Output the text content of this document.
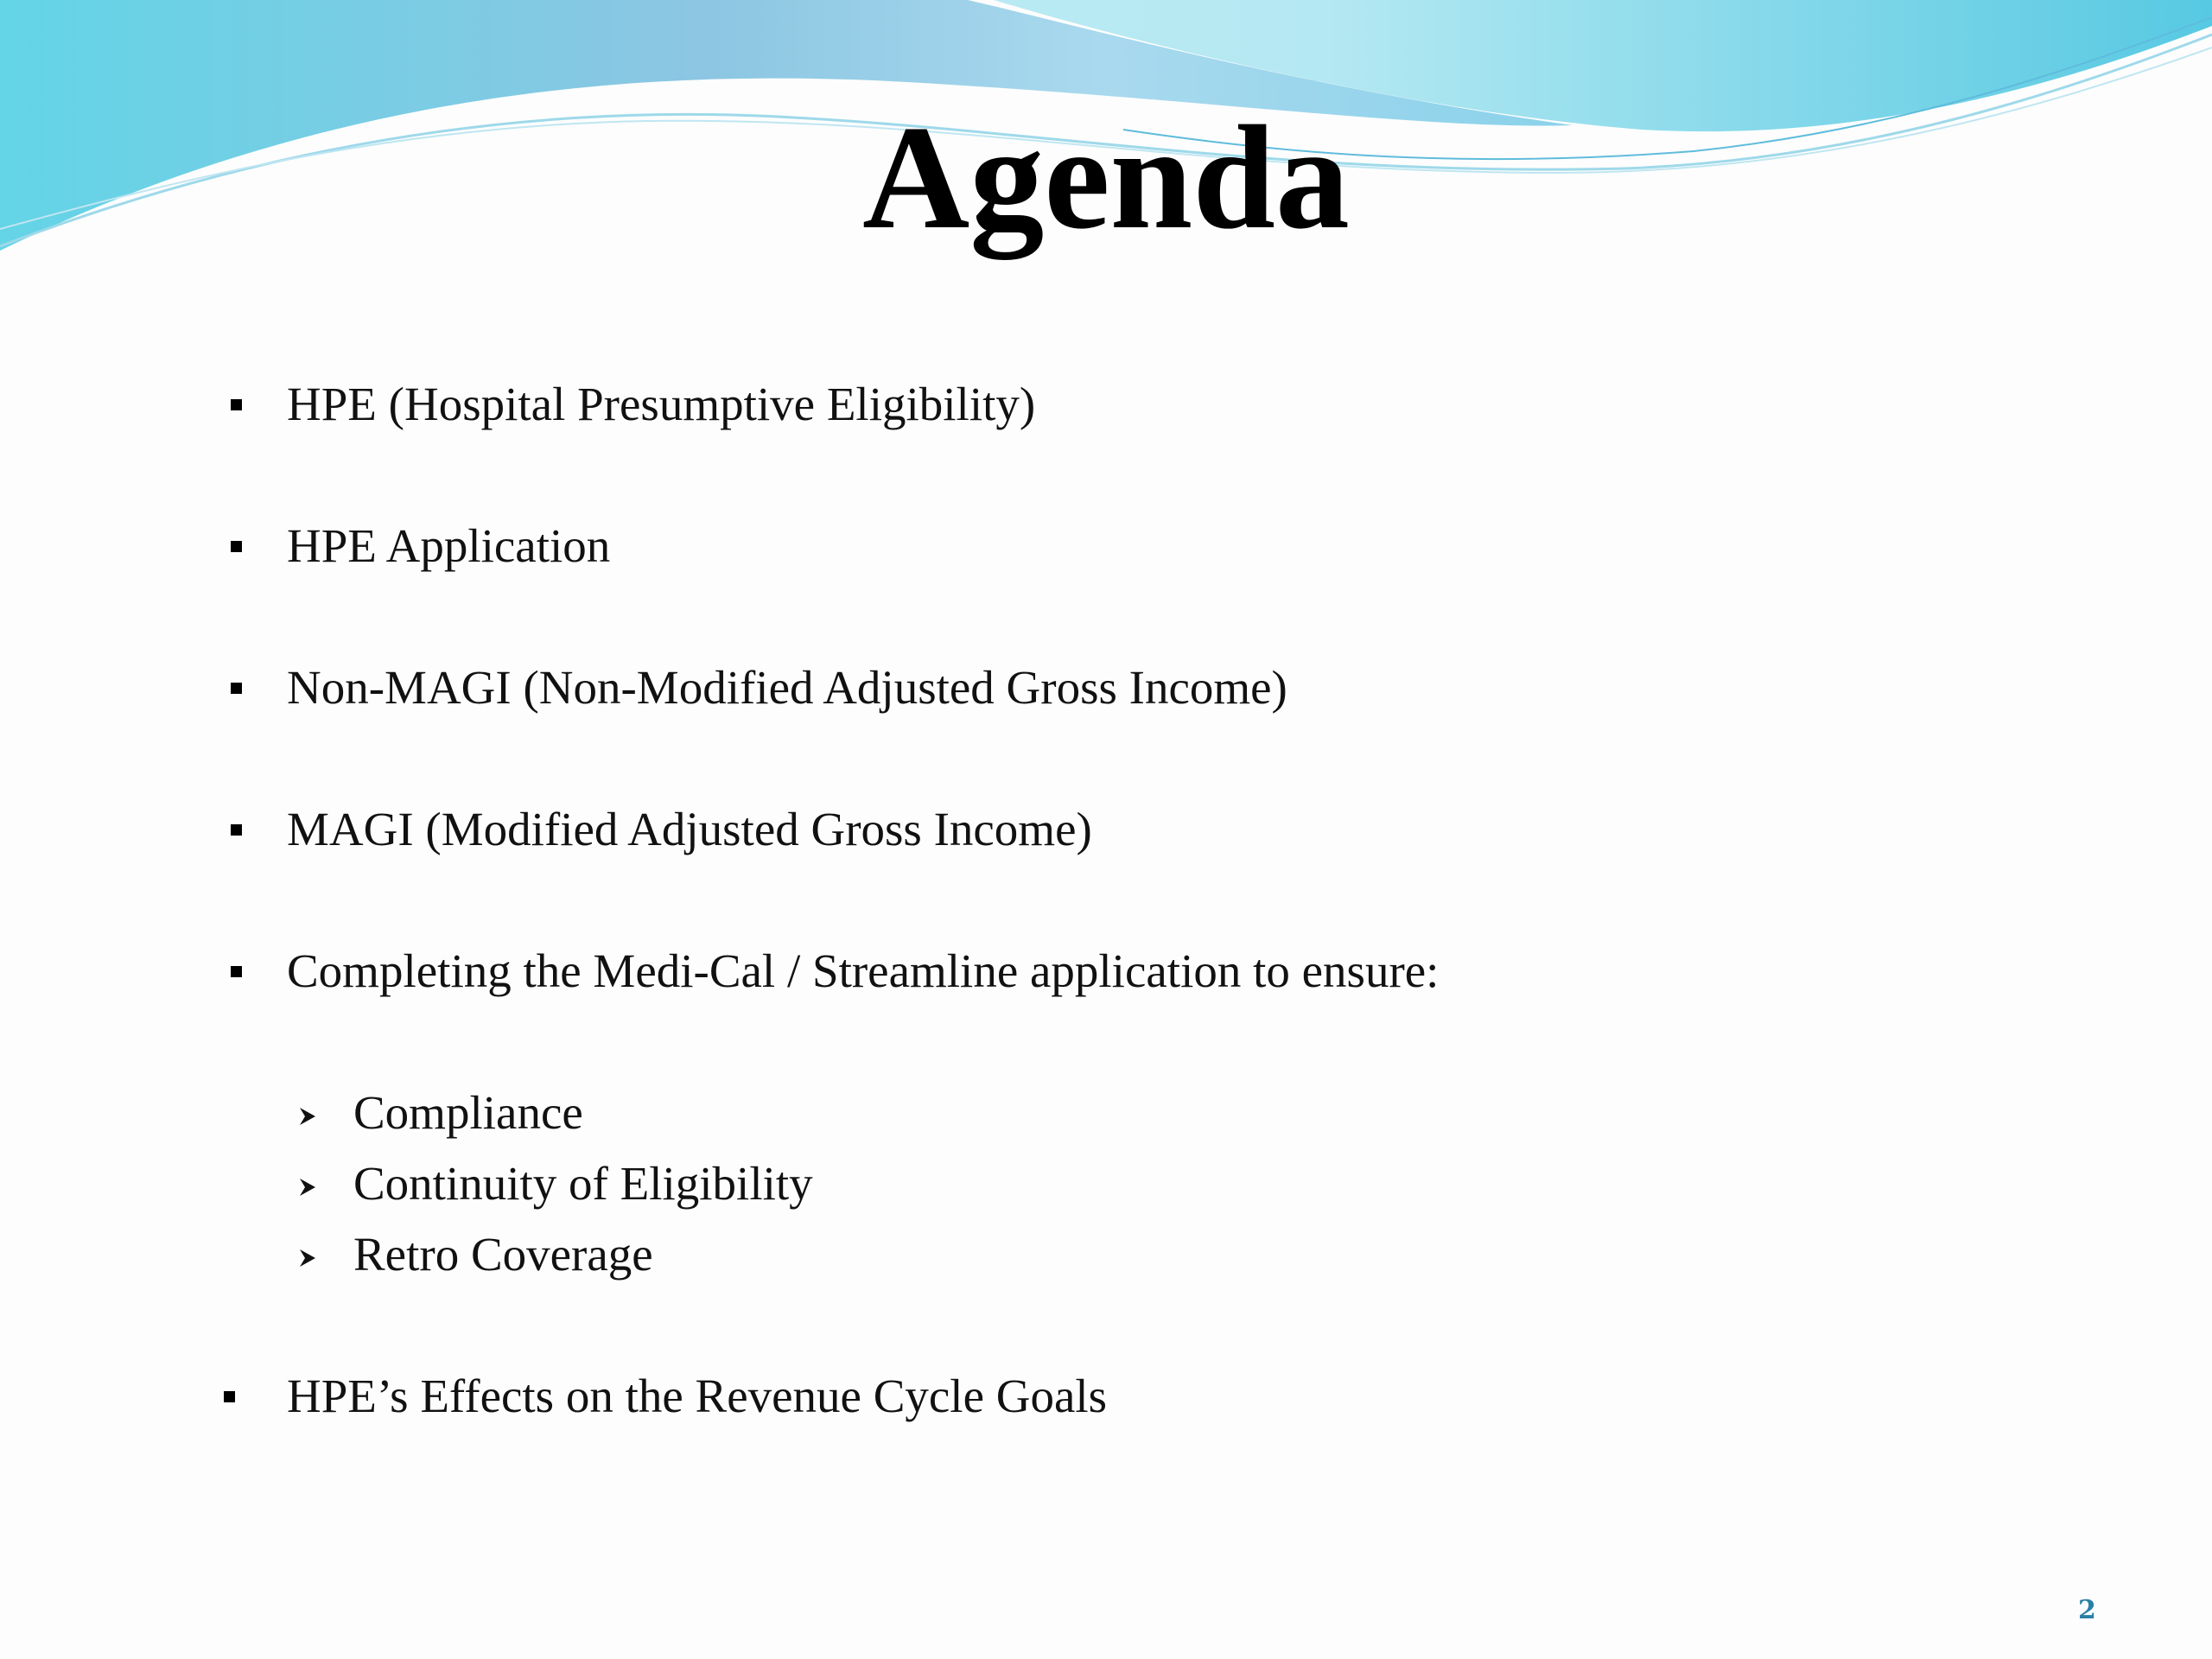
Agenda
HPE (Hospital Presumptive Eligibility)
HPE Application
Non-MAGI (Non-Modified Adjusted Gross Income)
MAGI (Modified Adjusted Gross Income)
Completing the Medi-Cal / Streamline application to ensure:
Compliance
Continuity of Eligibility
Retro Coverage
HPE’s Effects on the Revenue Cycle Goals
2
